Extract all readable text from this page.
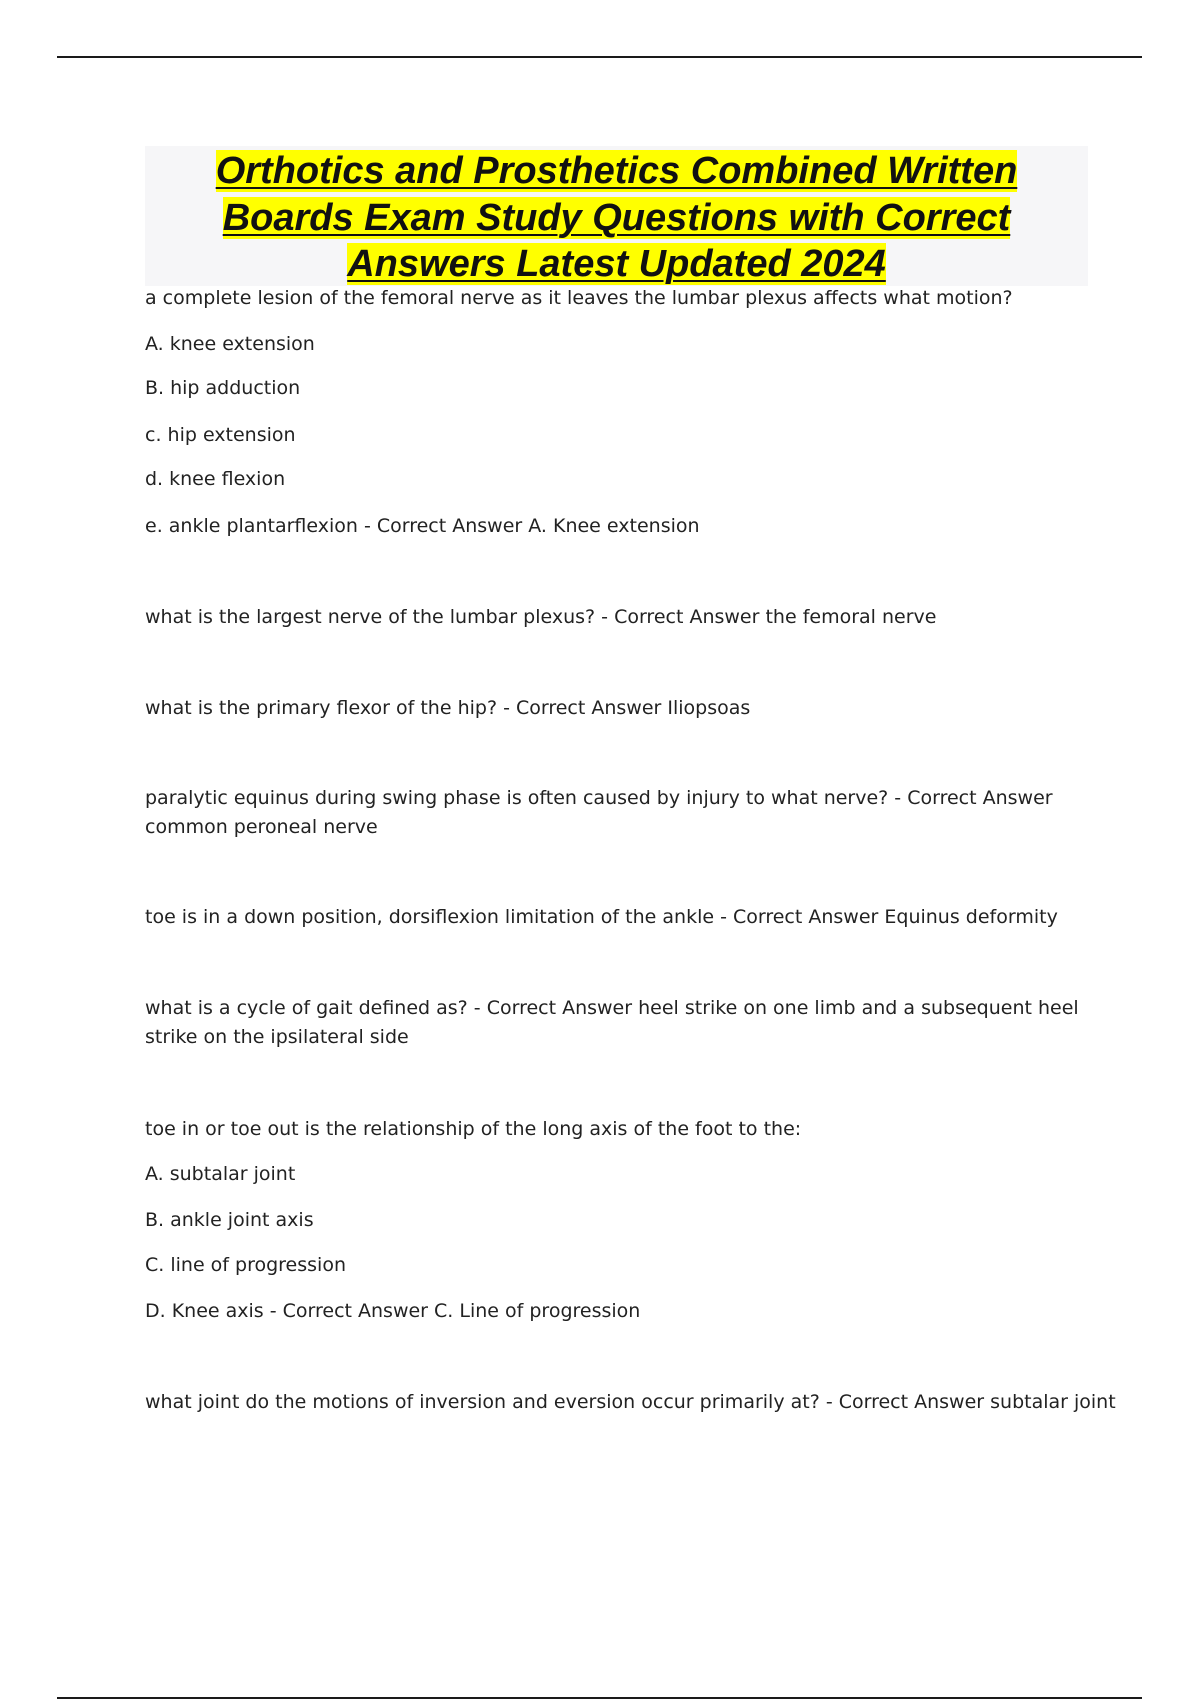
Orthotics and Prosthetics Combined Written Boards Exam Study Questions with Correct Answers Latest Updated 2024
a complete lesion of the femoral nerve as it leaves the lumbar plexus affects what motion?
A. knee extension
B. hip adduction
c. hip extension
d. knee flexion
e. ankle plantarflexion - Correct Answer A. Knee extension
what is the largest nerve of the lumbar plexus? - Correct Answer the femoral nerve
what is the primary flexor of the hip? - Correct Answer Iliopsoas
paralytic equinus during swing phase is often caused by injury to what nerve? - Correct Answer common peroneal nerve
toe is in a down position, dorsiflexion limitation of the ankle - Correct Answer Equinus deformity
what is a cycle of gait defined as? - Correct Answer heel strike on one limb and a subsequent heel strike on the ipsilateral side
toe in or toe out is the relationship of the long axis of the foot to the:
A. subtalar joint
B. ankle joint axis
C. line of progression
D. Knee axis - Correct Answer C. Line of progression
what joint do the motions of inversion and eversion occur primarily at? - Correct Answer subtalar joint
